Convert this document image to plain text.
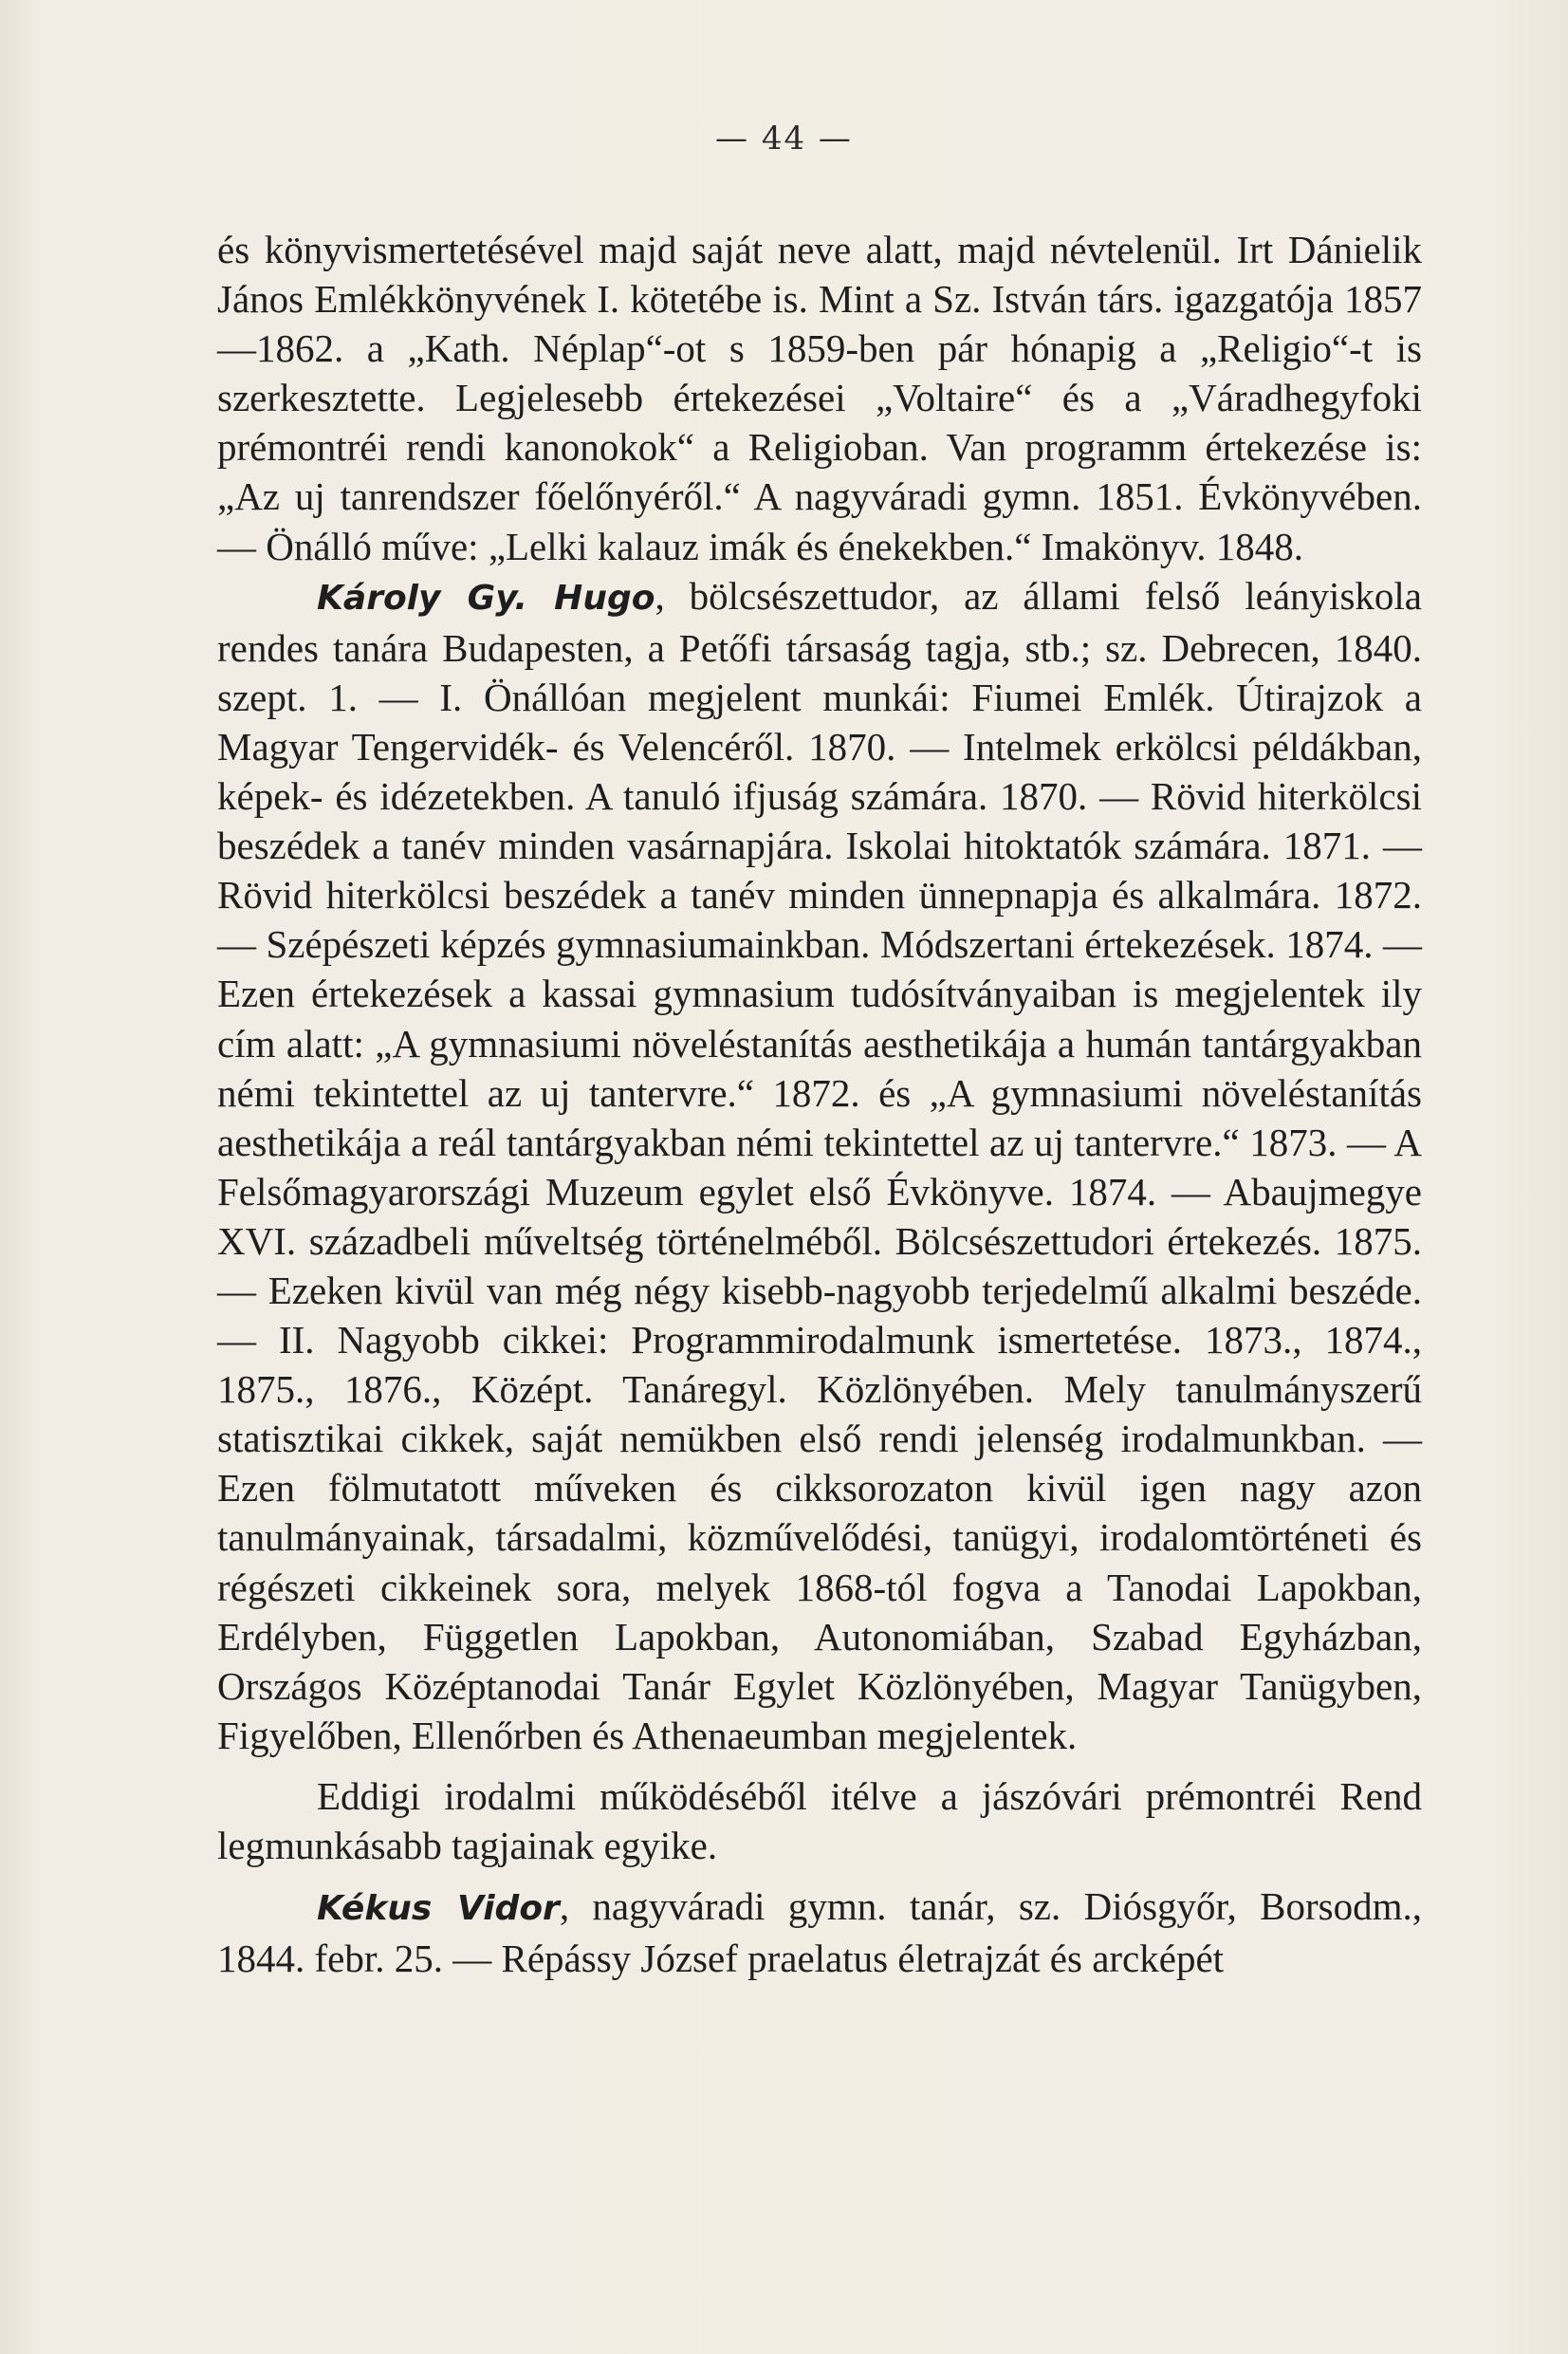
— 44 —

és könyvismertetésével majd saját neve alatt, majd névtelenül. Irt Dánielik János Emlékkönyvének I. kötetébe is. Mint a Sz. István társ. igazgatója 1857—1862. a „Kath. Néplap“-ot s 1859-ben pár hónapig a „Religio“-t is szerkesztette. Legjelesebb értekezései „Voltaire“ és a „Váradhegyfoki prémontréi rendi kanonokok“ a Religioban. Van programm értekezése is: „Az uj tanrendszer főelőnyéről.“ A nagyváradi gymn. 1851. Évkönyvében. — Önálló műve: „Lelki kalauz imák és énekekben.“ Imakönyv. 1848.

Károly Gy. Hugo, bölcsészettudor, az állami felső leányiskola rendes tanára Budapesten, a Petőfi társaság tagja, stb.; sz. Debrecen, 1840. szept. 1. — I. Önállóan megjelent munkái: Fiumei Emlék. Útirajzok a Magyar Tengervidék- és Velencéről. 1870. — Intelmek erkölcsi példákban, képek- és idézetekben. A tanuló ifjuság számára. 1870. — Rövid hiterkölcsi beszédek a tanév minden vasárnapjára. Iskolai hitoktatók számára. 1871. — Rövid hiterkölcsi beszédek a tanév minden ünnepnapja és alkalmára. 1872. — Szépészeti képzés gymnasiumainkban. Módszertani értekezések. 1874. — Ezen értekezések a kassai gymnasium tudósítványaiban is megjelentek ily cím alatt: „A gymnasiumi növeléstanítás aesthetikája a humán tantárgyakban némi tekintettel az uj tantervre.“ 1872. és „A gymnasiumi növeléstanítás aesthetikája a reál tantárgyakban némi tekintettel az uj tantervre.“ 1873. — A Felsőmagyarországi Muzeum egylet első Évkönyve. 1874. — Abaujmegye XVI. századbeli műveltség történelméből. Bölcsészettudori értekezés. 1875. — Ezeken kivül van még négy kisebb-nagyobb terjedelmű alkalmi beszéde. — II. Nagyobb cikkei: Programmirodalmunk ismertetése. 1873., 1874., 1875., 1876., Középt. Tanáregyl. Közlönyében. Mely tanulmányszerű statisztikai cikkek, saját nemükben első rendi jelenség irodalmunkban. — Ezen fölmutatott műveken és cikksorozaton kivül igen nagy azon tanulmányainak, társadalmi, közművelődési, tanügyi, irodalomtörténeti és régészeti cikkeinek sora, melyek 1868-tól fogva a Tanodai Lapokban, Erdélyben, Független Lapokban, Autonomiában, Szabad Egyházban, Országos Középtanodai Tanár Egylet Közlönyében, Magyar Tanügyben, Figyelőben, Ellenőrben és Athenaeumban megjelentek.

Eddigi irodalmi működéséből itélve a jászóvári prémontréi Rend legmunkásabb tagjainak egyike.

Kékus Vidor, nagyváradi gymn. tanár, sz. Diósgyőr, Borsodm., 1844. febr. 25. — Répássy József praelatus életrajzát és arcképét
